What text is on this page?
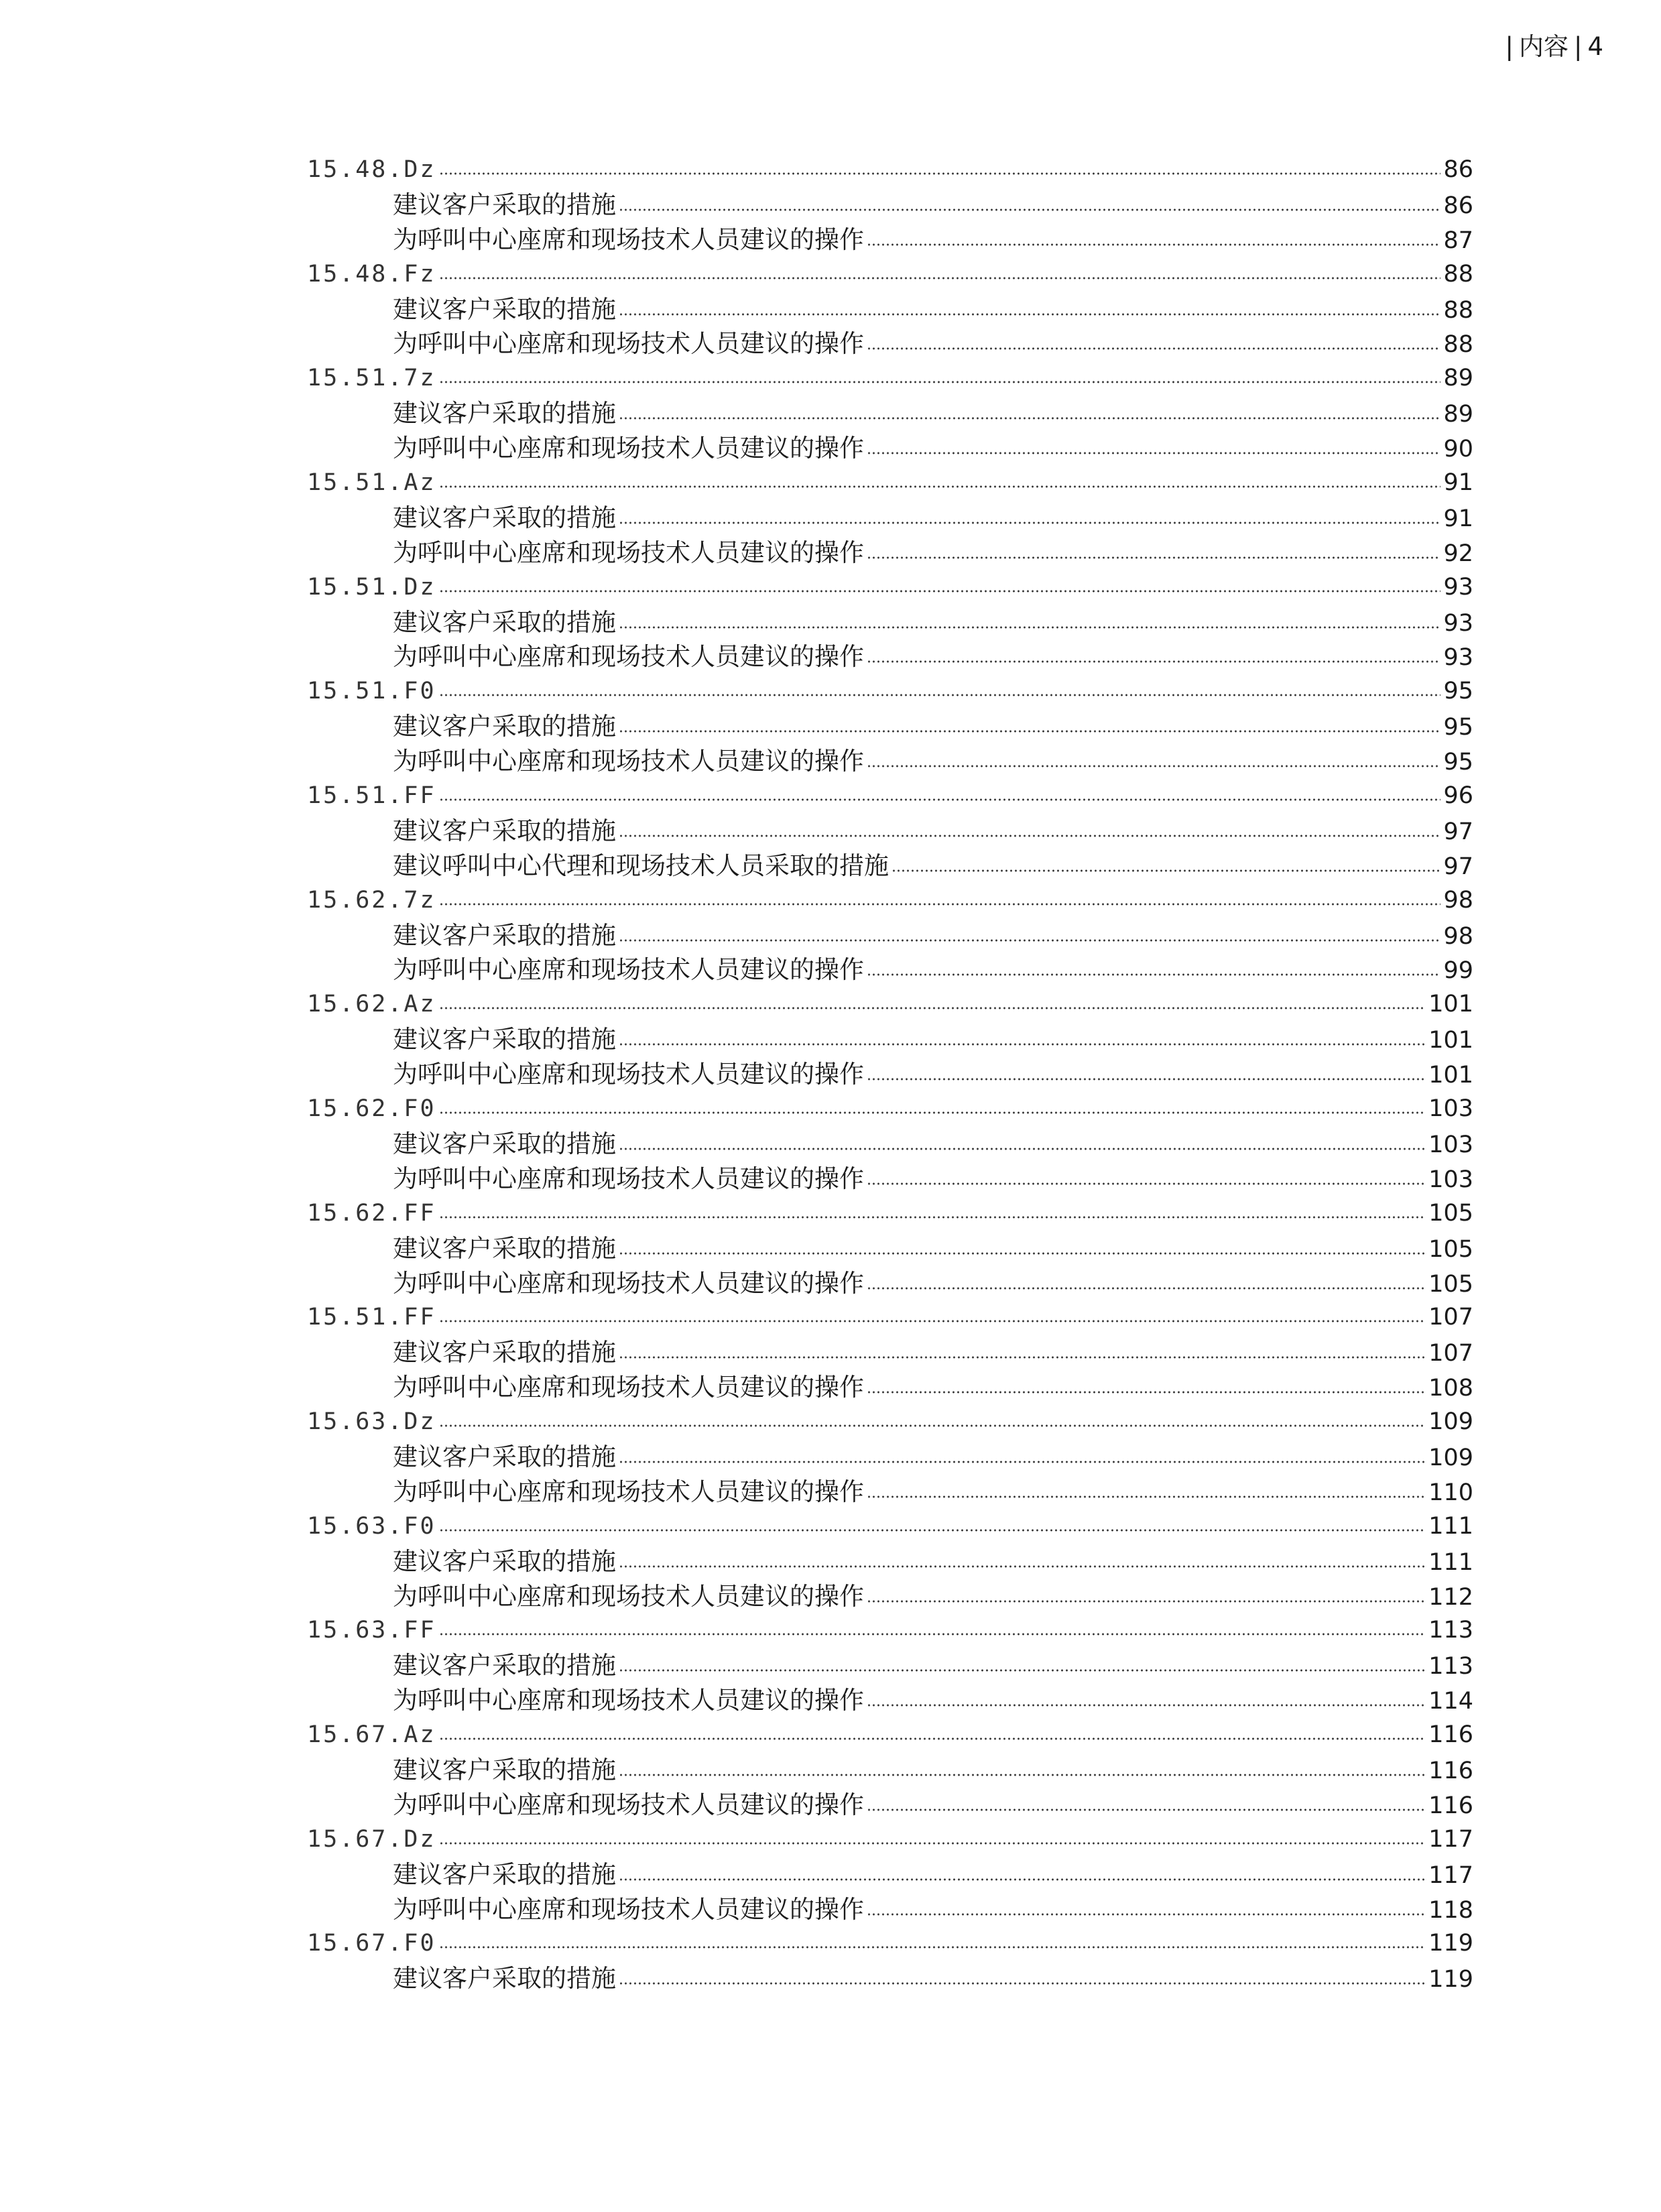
| 内容 | 4
15.48.Dz	86
建议客户采取的措施	86
为呼叫中心座席和现场技术人员建议的操作	87
15.48.Fz	88
建议客户采取的措施	88
为呼叫中心座席和现场技术人员建议的操作	88
15.51.7z	89
建议客户采取的措施	89
为呼叫中心座席和现场技术人员建议的操作	90
15.51.Az	91
建议客户采取的措施	91
为呼叫中心座席和现场技术人员建议的操作	92
15.51.Dz	93
建议客户采取的措施	93
为呼叫中心座席和现场技术人员建议的操作	93
15.51.F0	95
建议客户采取的措施	95
为呼叫中心座席和现场技术人员建议的操作	95
15.51.FF	96
建议客户采取的措施	97
建议呼叫中心代理和现场技术人员采取的措施	97
15.62.7z	98
建议客户采取的措施	98
为呼叫中心座席和现场技术人员建议的操作	99
15.62.Az	101
建议客户采取的措施	101
为呼叫中心座席和现场技术人员建议的操作	101
15.62.F0	103
建议客户采取的措施	103
为呼叫中心座席和现场技术人员建议的操作	103
15.62.FF	105
建议客户采取的措施	105
为呼叫中心座席和现场技术人员建议的操作	105
15.51.FF	107
建议客户采取的措施	107
为呼叫中心座席和现场技术人员建议的操作	108
15.63.Dz	109
建议客户采取的措施	109
为呼叫中心座席和现场技术人员建议的操作	110
15.63.F0	111
建议客户采取的措施	111
为呼叫中心座席和现场技术人员建议的操作	112
15.63.FF	113
建议客户采取的措施	113
为呼叫中心座席和现场技术人员建议的操作	114
15.67.Az	116
建议客户采取的措施	116
为呼叫中心座席和现场技术人员建议的操作	116
15.67.Dz	117
建议客户采取的措施	117
为呼叫中心座席和现场技术人员建议的操作	118
15.67.F0	119
建议客户采取的措施	119
